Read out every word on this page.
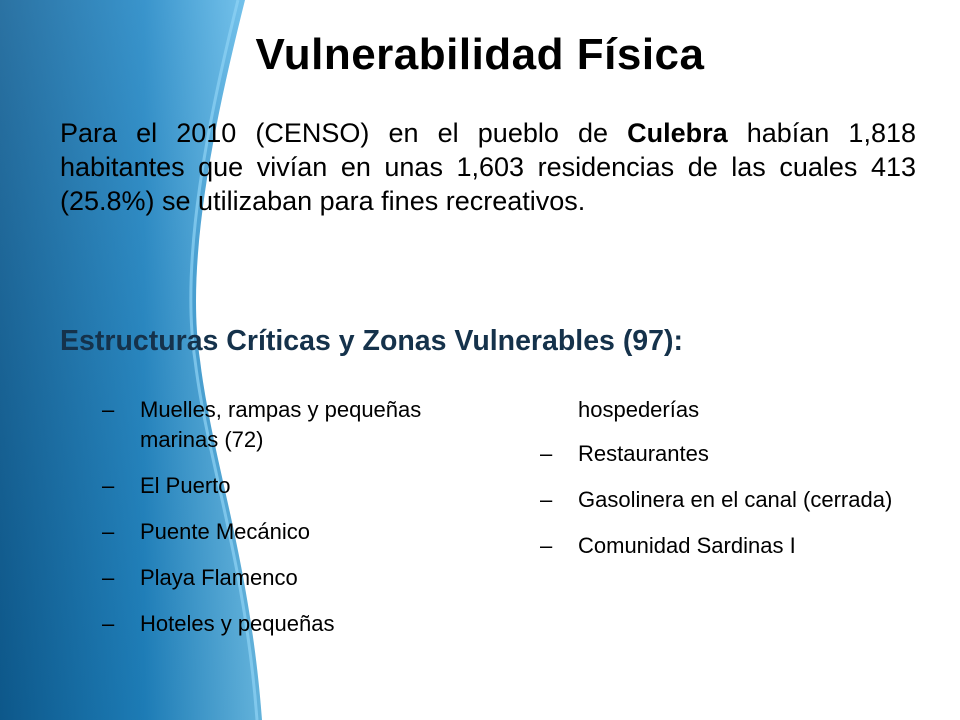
Vulnerabilidad Física

Para el 2010 (CENSO) en el pueblo de Culebra habían 1,818 habitantes que vivían en unas 1,603 residencias de las cuales 413 (25.8%) se utilizaban para fines recreativos.

Estructuras Críticas y Zonas Vulnerables (97):
– Muelles, rampas y pequeñas marinas (72)
– El Puerto
– Puente Mecánico
– Playa Flamenco
– Hoteles y pequeñas
hospederías
– Restaurantes
– Gasolinera en el canal (cerrada)
– Comunidad Sardinas I
